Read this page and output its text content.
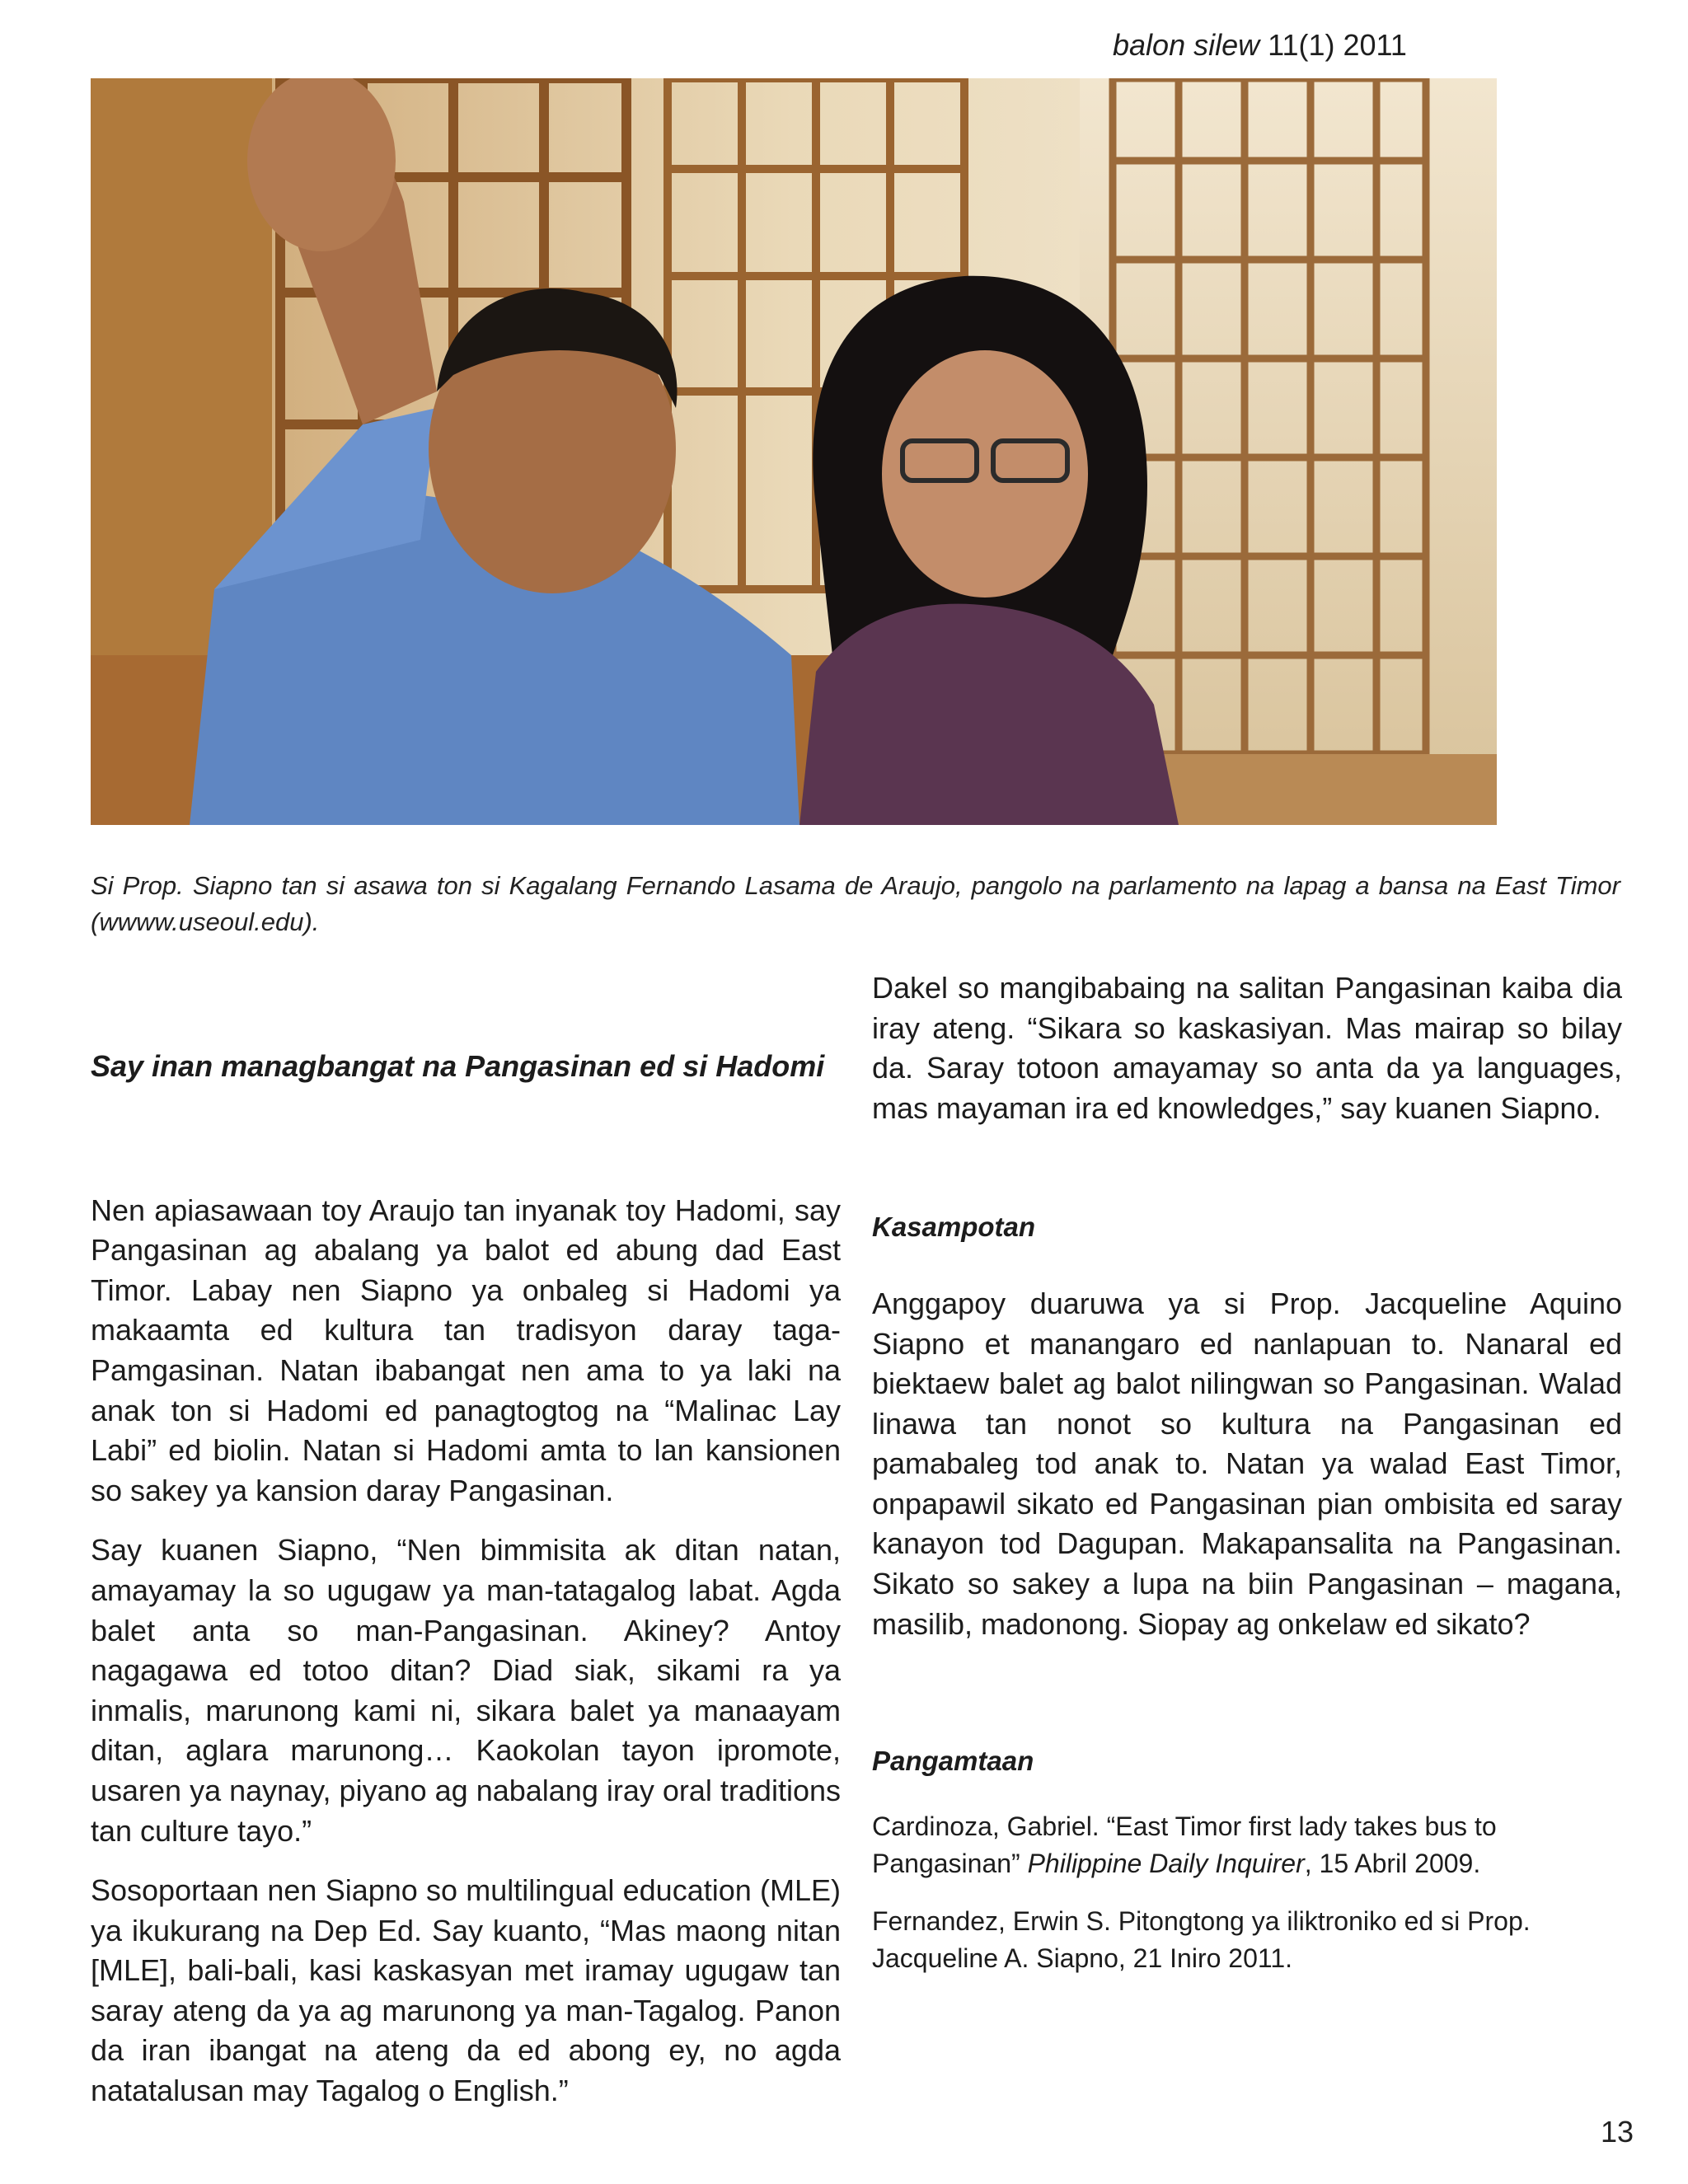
balon silew 11(1) 2011
Si Prop. Siapno tan si asawa ton si Kagalang Fernando Lasama de Araujo, pangolo na parlamento na lapag a bansa na East Timor (wwww.useoul.edu).
Say inan managbangat na Pangasinan ed si Hadomi

Nen apiasawaan toy Araujo tan inyanak toy Hadomi, say Pangasinan ag abalang ya balot ed abung dad East Timor. Labay nen Siapno ya onbaleg si Hadomi ya makaamta ed kultura tan tradisyon daray taga-Pamgasinan. Natan ibabangat nen ama to ya laki na anak ton si Hadomi ed panagtogtog na “Malinac Lay Labi” ed biolin. Natan si Hadomi amta to lan kansionen so sakey ya kansion daray Pangasinan.

Say kuanen Siapno, “Nen bimmisita ak ditan natan, amayamay la so ugugaw ya man-tatagalog labat. Agda balet anta so man-Pangasinan. Akiney? Antoy nagagawa ed totoo ditan? Diad siak, sikami ra ya inmalis, marunong kami ni, sikara balet ya manaayam ditan, aglara marunong… Kaokolan tayon ipromote, usaren ya naynay, piyano ag nabalang iray oral traditions tan culture tayo.”

Sosoportaan nen Siapno so multilingual education (MLE) ya ikukurang na Dep Ed. Say kuanto, “Mas maong nitan [MLE], bali-bali, kasi kaskasyan met iramay ugugaw tan saray ateng da ya ag marunong ya man-Tagalog. Panon da iran ibangat na ateng da ed abong ey, no agda natatalusan may Tagalog o English.”

Dakel so mangibabaing na salitan Pangasinan kaiba dia iray ateng. “Sikara so kaskasiyan. Mas mairap so bilay da. Saray totoon amayamay so anta da ya languages, mas mayaman ira ed knowledges,” say kuanen Siapno.

Kasampotan

Anggapoy duaruwa ya si Prop. Jacqueline Aquino Siapno et manangaro ed nanlapuan to. Nanaral ed biektaew balet ag balot nilingwan so Pangasinan. Walad linawa tan nonot so kultura na Pangasinan ed pamabaleg tod anak to. Natan ya walad East Timor, onpapawil sikato ed Pangasinan pian ombisita ed saray kanayon tod Dagupan. Makapansalita na Pangasinan. Sikato so sakey a lupa na biin Pangasinan – magana, masilib, madonong. Siopay ag onkelaw ed sikato?

Pangamtaan
Cardinoza, Gabriel. “East Timor first lady takes bus to Pangasinan” Philippine Daily Inquirer, 15 Abril 2009.
Fernandez, Erwin S. Pitongtong ya iliktroniko ed si Prop. Jacqueline A. Siapno, 21 Iniro 2011.
13
